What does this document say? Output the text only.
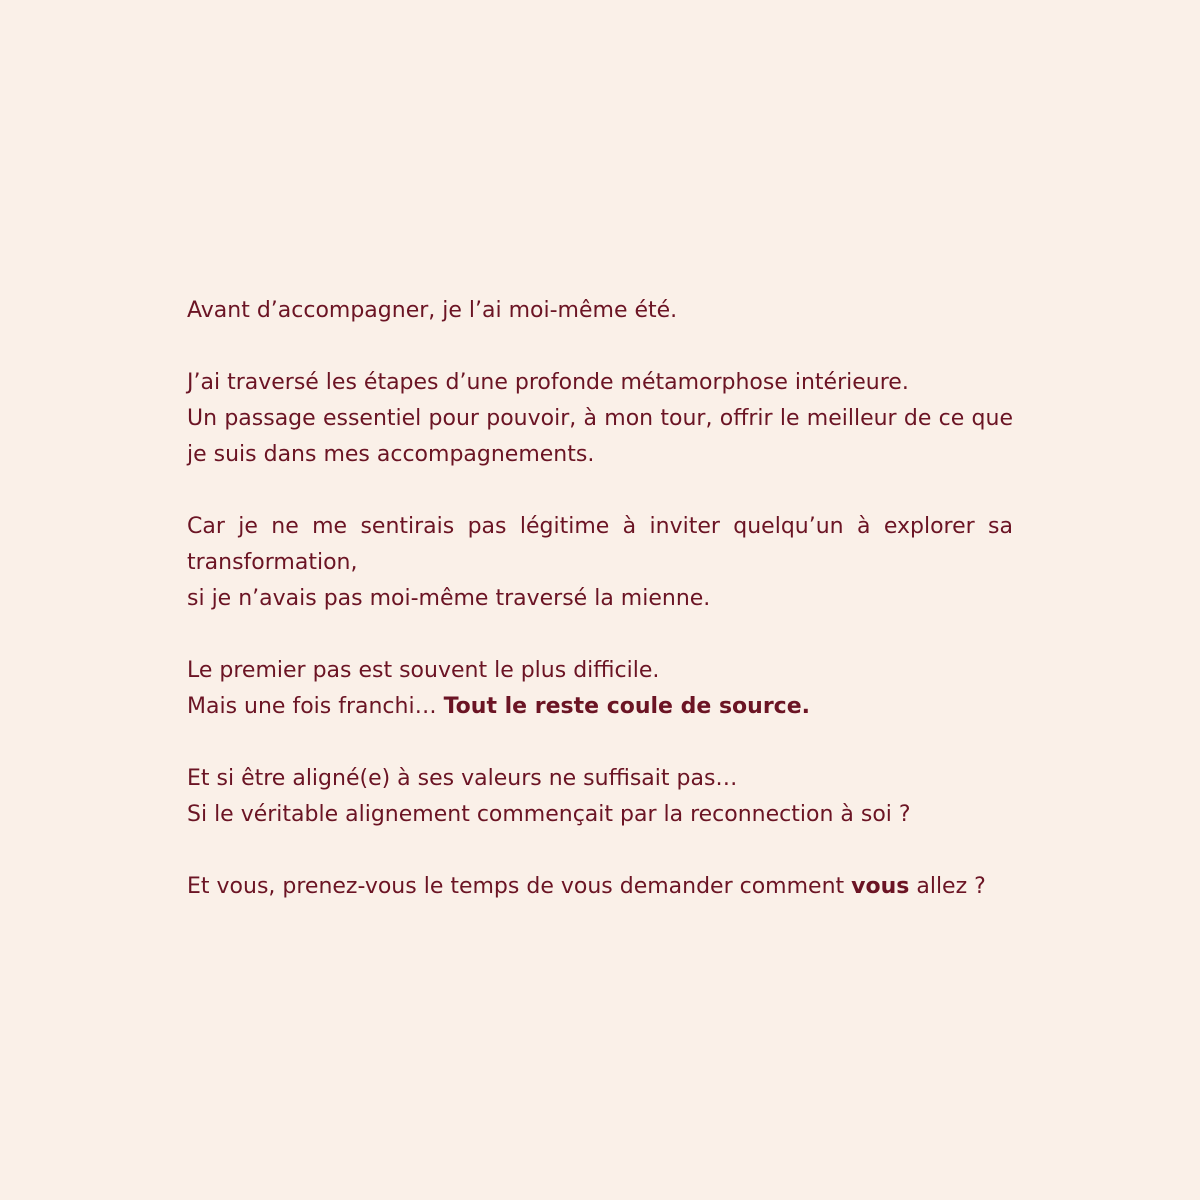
Avant d’accompagner, je l’ai moi-même été.

J’ai traversé les étapes d’une profonde métamorphose intérieure.
Un passage essentiel pour pouvoir, à mon tour, offrir le meilleur de ce que je suis dans mes accompagnements.

Car je ne me sentirais pas légitime à inviter quelqu’un à explorer sa transformation,
si je n’avais pas moi-même traversé la mienne.

Le premier pas est souvent le plus difficile.
Mais une fois franchi… Tout le reste coule de source.

Et si être aligné(e) à ses valeurs ne suffisait pas…
Si le véritable alignement commençait par la reconnection à soi ?

Et vous, prenez-vous le temps de vous demander comment vous allez ?
